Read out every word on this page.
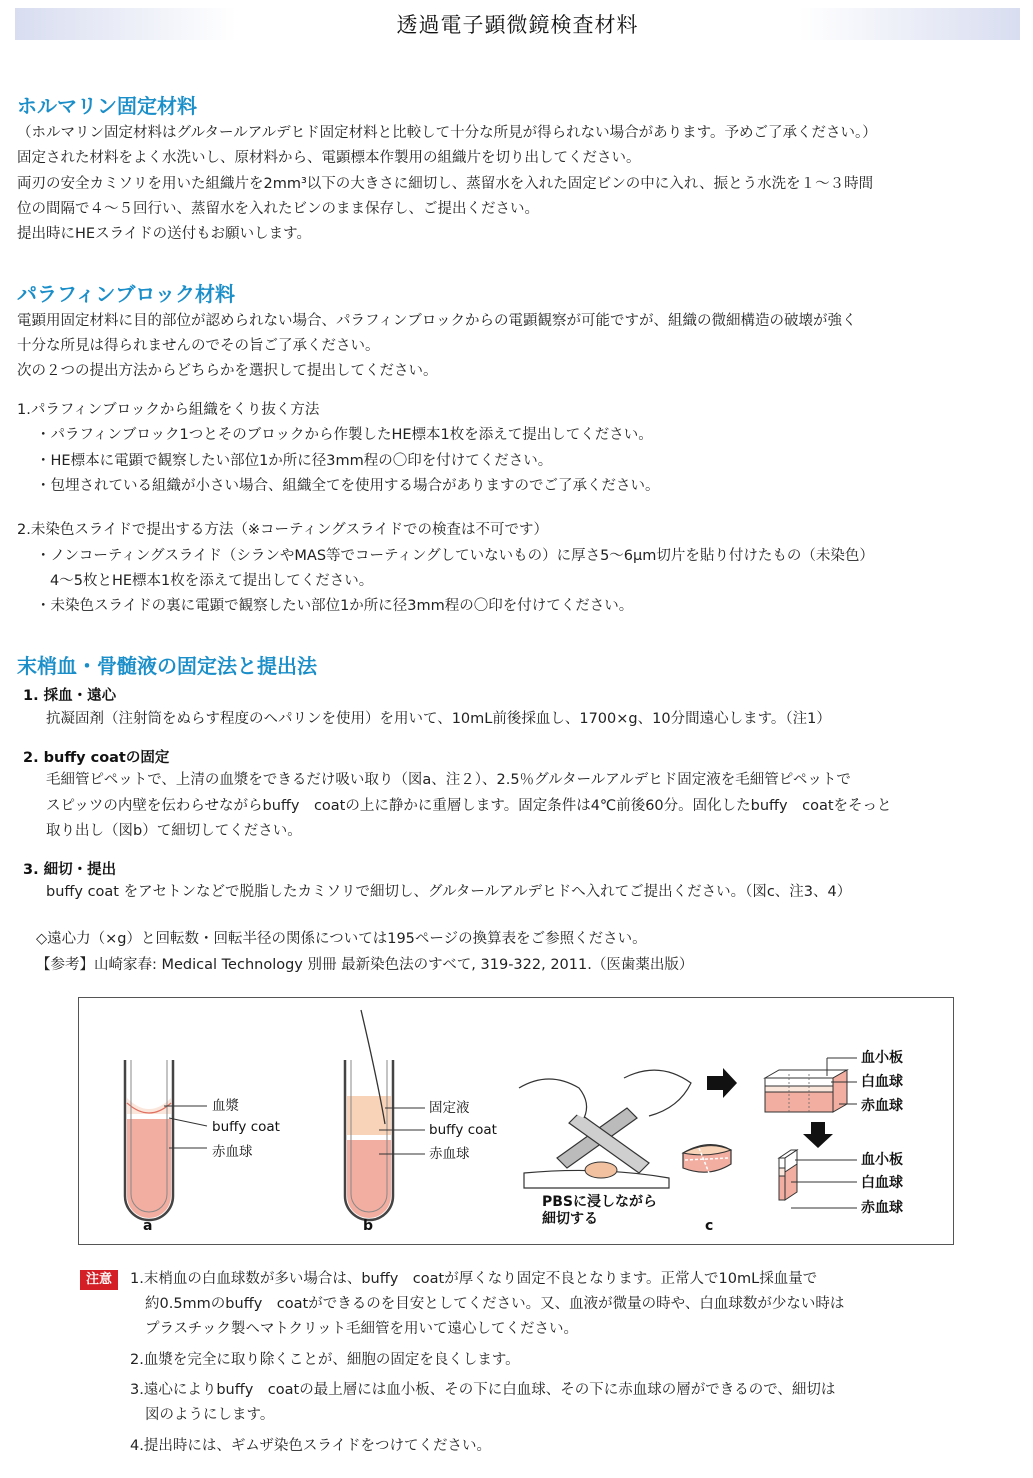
透過電子顕微鏡検査材料
ホルマリン固定材料
（ホルマリン固定材料はグルタールアルデヒド固定材料と比較して十分な所見が得られない場合があります。予めご了承ください。）
固定された材料をよく水洗いし、原材料から、電顕標本作製用の組織片を切り出してください。
両刃の安全カミソリを用いた組織片を2mm³以下の大きさに細切し、蒸留水を入れた固定ビンの中に入れ、振とう水洗を１～３時間
位の間隔で４～５回行い、蒸留水を入れたビンのまま保存し、ご提出ください。
提出時にHEスライドの送付もお願いします。
パラフィンブロック材料
電顕用固定材料に目的部位が認められない場合、パラフィンブロックからの電顕観察が可能ですが、組織の微細構造の破壊が強く
十分な所見は得られませんのでその旨ご了承ください。
次の２つの提出方法からどちらかを選択して提出してください。
1.パラフィンブロックから組織をくり抜く方法
・パラフィンブロック1つとそのブロックから作製したHE標本1枚を添えて提出してください。
・HE標本に電顕で観察したい部位1か所に径3mm程の〇印を付けてください。
・包埋されている組織が小さい場合、組織全てを使用する場合がありますのでご了承ください。
2.未染色スライドで提出する方法（※コーティングスライドでの検査は不可です）
・ノンコーティングスライド（シランやMAS等でコーティングしていないもの）に厚さ5～6μm切片を貼り付けたもの（未染色）
4～5枚とHE標本1枚を添えて提出してください。
・未染色スライドの裏に電顕で観察したい部位1か所に径3mm程の〇印を付けてください。
末梢血・骨髄液の固定法と提出法
1. 採血・遠心
抗凝固剤（注射筒をぬらす程度のヘパリンを使用）を用いて、10mL前後採血し、1700×g、10分間遠心します。（注1）
2. buffy coatの固定
毛細管ピペットで、上清の血漿をできるだけ吸い取り（図a、注２）、2.5％グルタールアルデヒド固定液を毛細管ピペットで
スピッツの内壁を伝わらせながらbuffy　coatの上に静かに重層します。固定条件は4℃前後60分。固化したbuffy　coatをそっと
取り出し（図b）て細切してください。
3. 細切・提出
buffy coat をアセトンなどで脱脂したカミソリで細切し、グルタールアルデヒドへ入れてご提出ください。（図c、注3、4）
◇遠心力（×g）と回転数・回転半径の関係については195ページの換算表をご参照ください。
【参考】山崎家春: Medical Technology 別冊 最新染色法のすべて, 319-322, 2011.（医歯薬出版）
血漿
buffy coat
赤血球
a
固定液
buffy coat
赤血球
b
PBSに浸しながら
細切する	c
血小板
白血球
赤血球
血小板
白血球
赤血球
注意	1.末梢血の白血球数が多い場合は、buffy　coatが厚くなり固定不良となります。正常人で10mL採血量で
約0.5mmのbuffy　coatができるのを目安としてください。又、血液が微量の時や、白血球数が少ない時は
プラスチック製ヘマトクリット毛細管を用いて遠心してください。
2.血漿を完全に取り除くことが、細胞の固定を良くします。
3.遠心によりbuffy　coatの最上層には血小板、その下に白血球、その下に赤血球の層ができるので、細切は
図のようにします。
4.提出時には、ギムザ染色スライドをつけてください。
